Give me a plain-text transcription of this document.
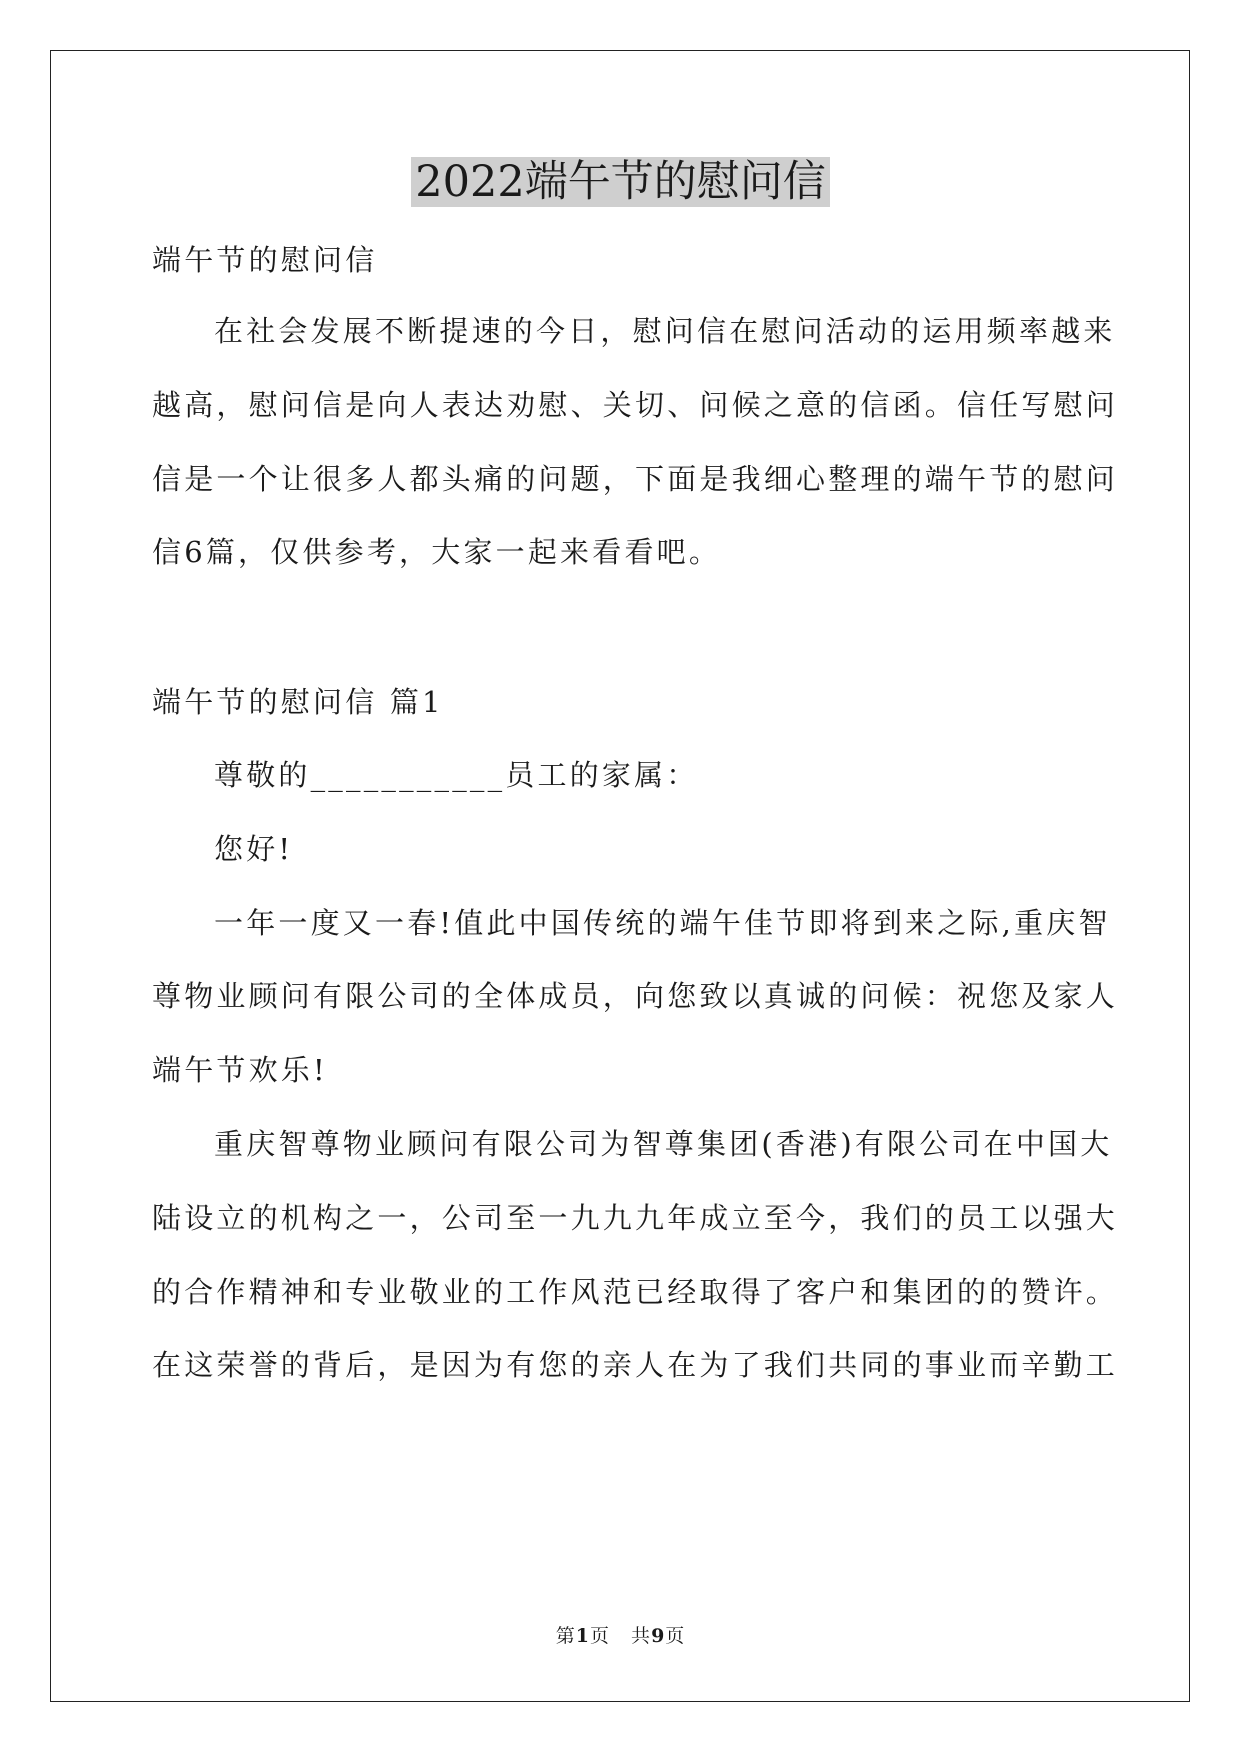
2022端午节的慰问信
端午节的慰问信
在社会发展不断提速的今日，慰问信在慰问活动的运用频率越来
越高，慰问信是向人表达劝慰、关切、问候之意的信函。信任写慰问
信是一个让很多人都头痛的问题，下面是我细心整理的端午节的慰问
信6篇，仅供参考，大家一起来看看吧。
端午节的慰问信 篇1
尊敬的___________员工的家属：
您好!
一年一度又一春!值此中国传统的端午佳节即将到来之际,重庆智
尊物业顾问有限公司的全体成员，向您致以真诚的问候：祝您及家人
端午节欢乐!
重庆智尊物业顾问有限公司为智尊集团(香港)有限公司在中国大
陆设立的机构之一，公司至一九九九年成立至今，我们的员工以强大
的合作精神和专业敬业的工作风范已经取得了客户和集团的的赞许。
在这荣誉的背后，是因为有您的亲人在为了我们共同的事业而辛勤工
第1页   共9页
